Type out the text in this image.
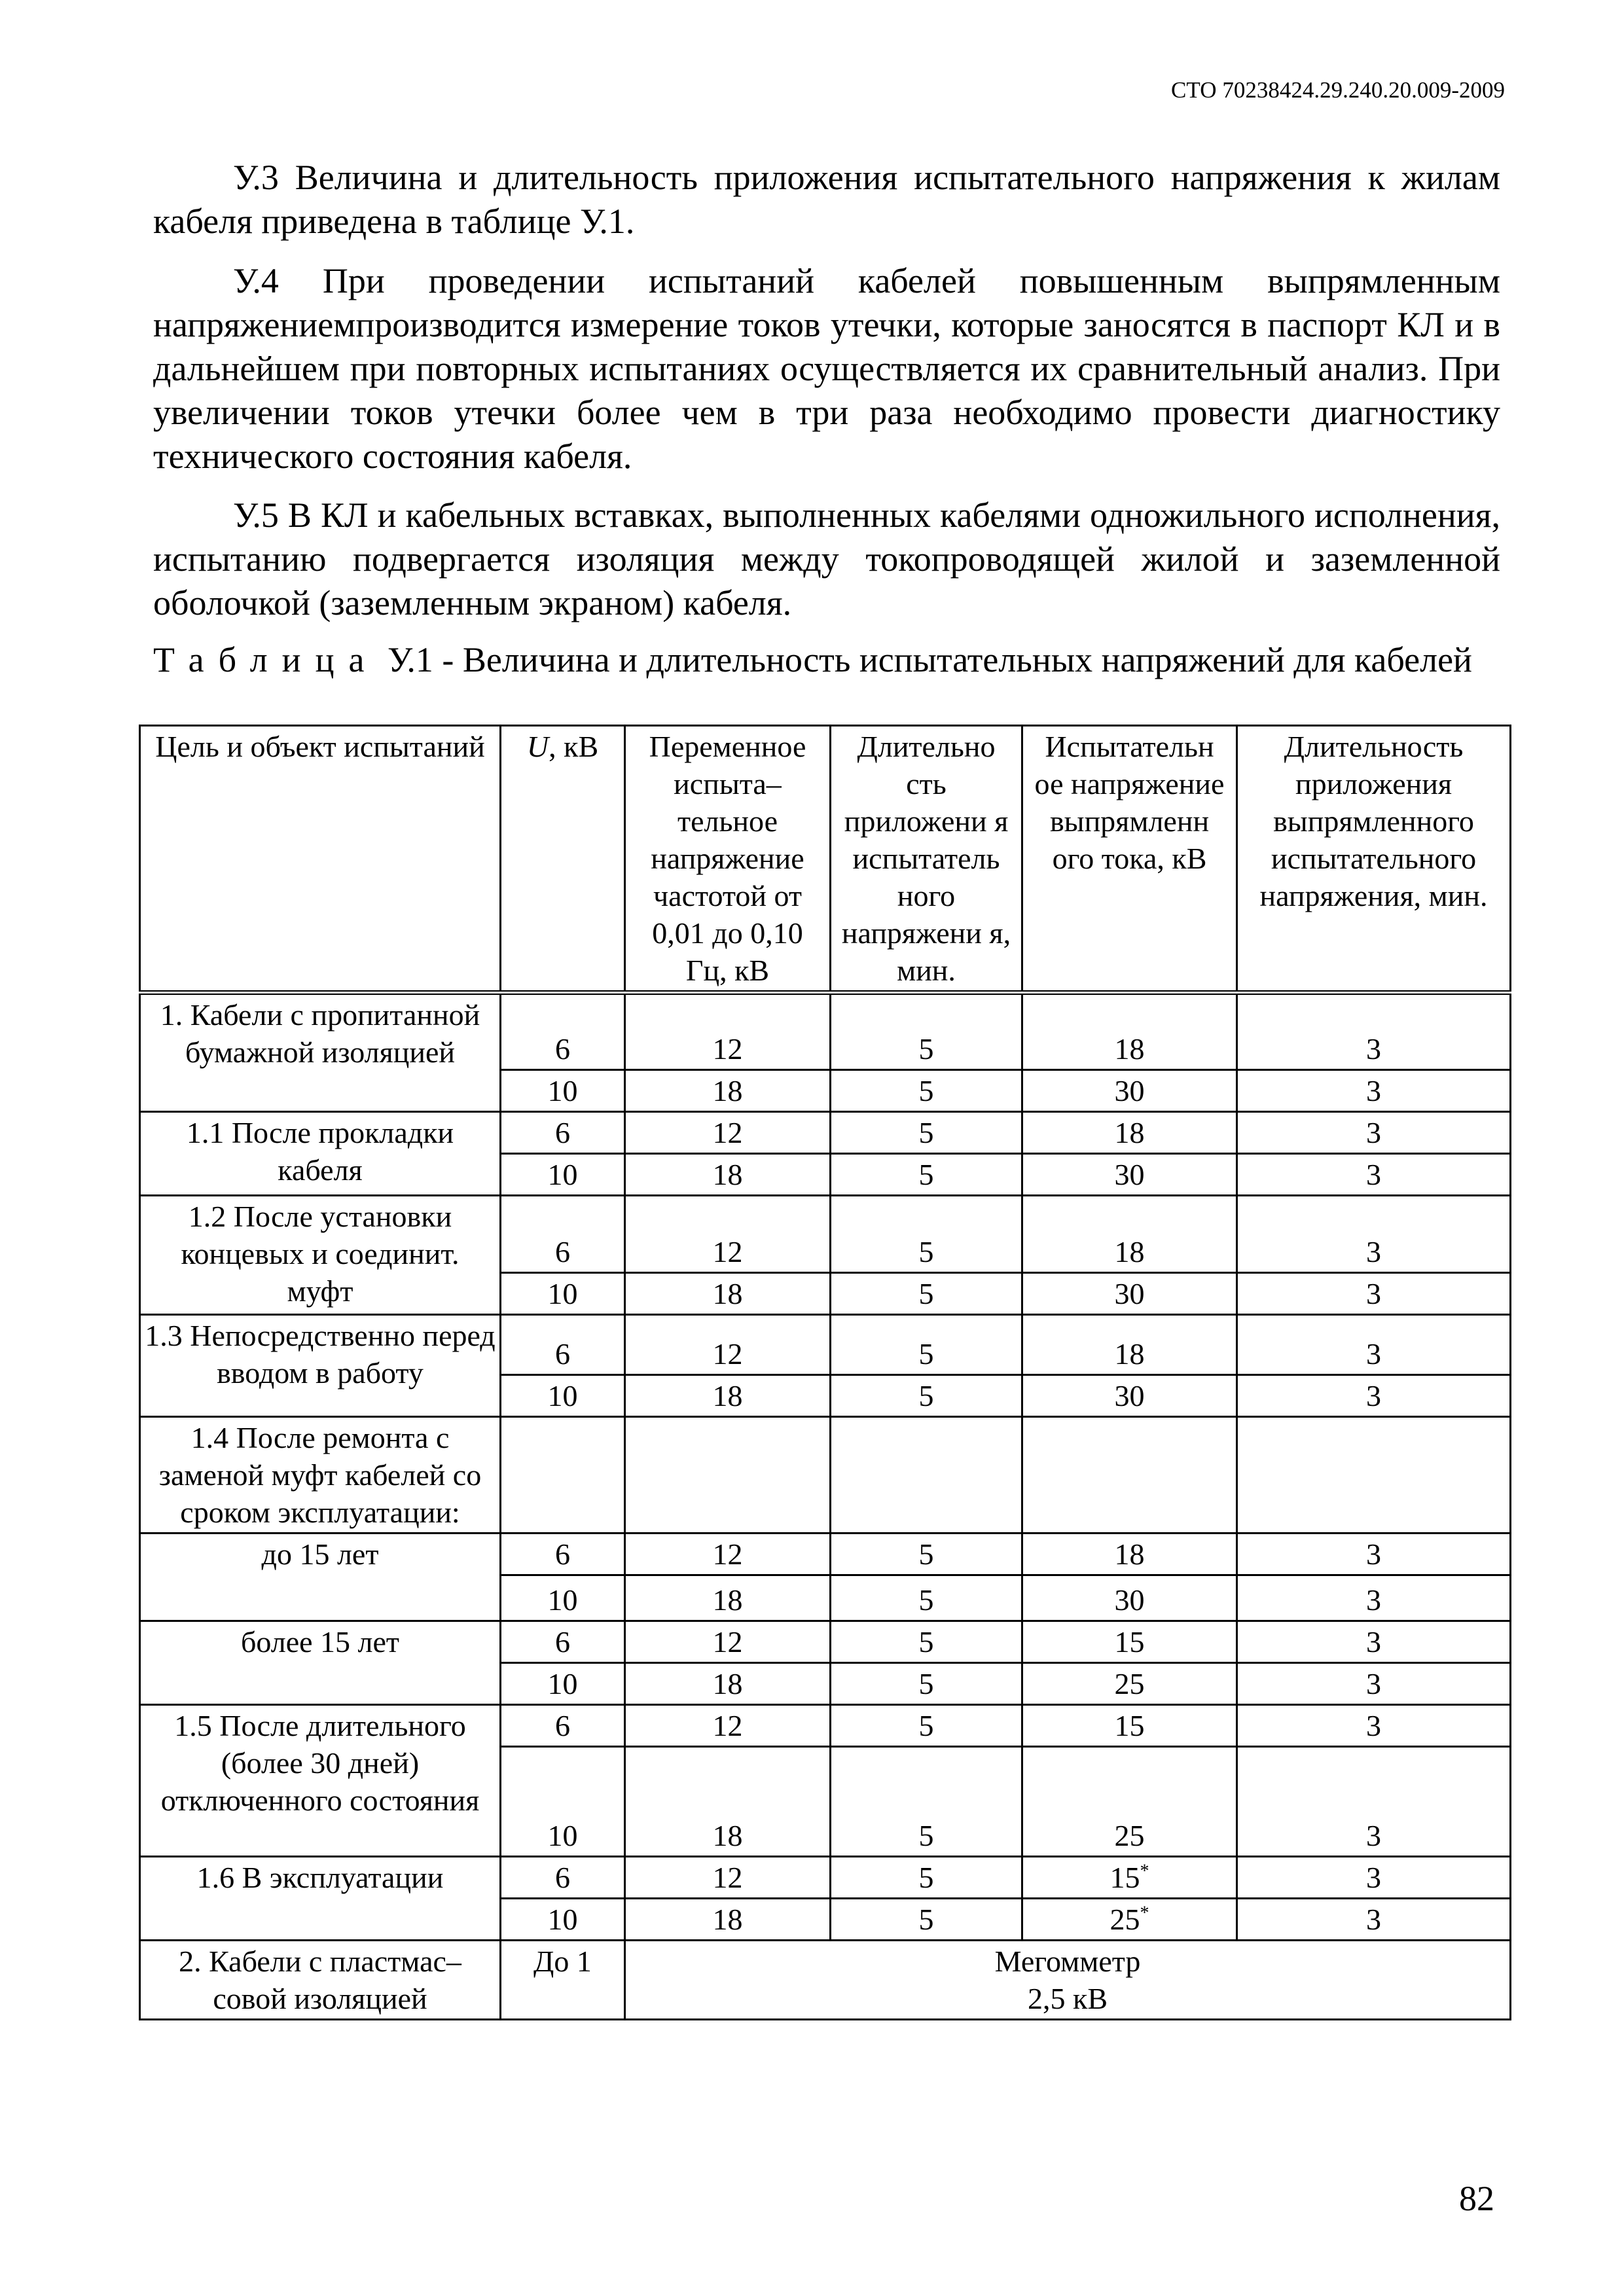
СТО 70238424.29.240.20.009-2009

У.3 Величина и длительность приложения испытательного напряжения к жилам кабеля приведена в таблице У.1.

У.4 При проведении испытаний кабелей повышенным выпрямленным напряжениемпроизводится измерение токов утечки, которые заносятся в паспорт КЛ и в дальнейшем при повторных испытаниях осуществляется их сравнительный анализ. При увеличении токов утечки более чем в три раза необходимо провести диагностику технического состояния кабеля.

У.5 В КЛ и кабельных вставках, выполненных кабелями одножильного исполнения, испытанию подвергается изоляция между токопроводящей жилой и заземленной оболочкой (заземленным экраном) кабеля.

Таблица У.1 - Величина и длительность испытательных напряжений для кабелей

Цель и объект испытаний	U, кВ	Переменное испыта– тельное напряжение частотой от 0,01 до 0,10 Гц, кВ	Длительно сть приложени я испытатель ного напряжени я, мин.	Испытательн ое напряжение выпрямленн ого тока, кВ	Длительность приложения выпрямленного испытательного напряжения, мин.
1. Кабели с пропитанной бумажной изоляцией	6	12	5	18	3
	10	18	5	30	3
1.1 После прокладки кабеля	6	12	5	18	3
	10	18	5	30	3
1.2 После установки концевых и соединит. муфт	6	12	5	18	3
	10	18	5	30	3
1.3 Непосредственно перед вводом в работу	6	12	5	18	3
	10	18	5	30	3
1.4 После ремонта с заменой муфт кабелей со сроком эксплуатации:					
до 15 лет	6	12	5	18	3
	10	18	5	30	3
более 15 лет	6	12	5	15	3
	10	18	5	25	3
1.5 После длительного (более 30 дней) отключенного состояния	6	12	5	15	3
	10	18	5	25	3
1.6 В эксплуатации	6	12	5	15*	3
	10	18	5	25*	3
2. Кабели с пластмас– совой изоляцией	До 1	Мегомметр
2,5 кВ			
82
